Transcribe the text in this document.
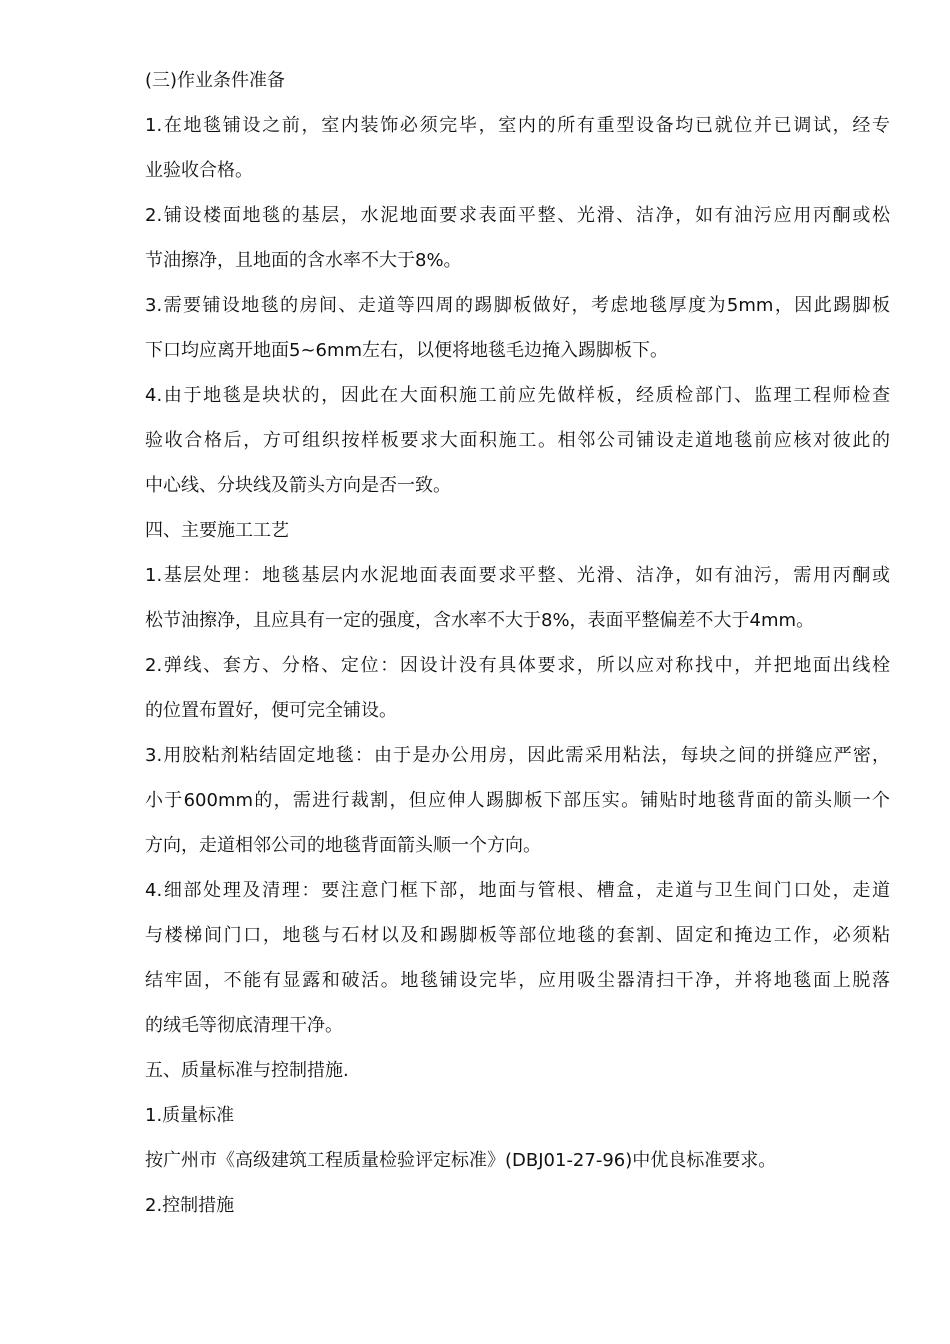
(三)作业条件准备
1.在地毯铺设之前，室内装饰必须完毕，室内的所有重型设备均已就位并已调试，经专
业验收合格。
2.铺设楼面地毯的基层，水泥地面要求表面平整、光滑、洁净，如有油污应用丙酮或松
节油擦净，且地面的含水率不大于8%。
3.需要铺设地毯的房间、走道等四周的踢脚板做好，考虑地毯厚度为5mm，因此踢脚板
下口均应离开地面5~6mm左右，以便将地毯毛边掩入踢脚板下。
4.由于地毯是块状的，因此在大面积施工前应先做样板，经质检部门、监理工程师检查
验收合格后，方可组织按样板要求大面积施工。相邻公司铺设走道地毯前应核对彼此的
中心线、分块线及箭头方向是否一致。
四、主要施工工艺
1.基层处理：地毯基层内水泥地面表面要求平整、光滑、洁净，如有油污，需用丙酮或
松节油擦净，且应具有一定的强度，含水率不大于8%，表面平整偏差不大于4mm。
2.弹线、套方、分格、定位：因设计没有具体要求，所以应对称找中，并把地面出线栓
的位置布置好，便可完全铺设。
3.用胶粘剂粘结固定地毯：由于是办公用房，因此需采用粘法，每块之间的拼缝应严密，
小于600mm的，需进行裁割，但应伸人踢脚板下部压实。铺贴时地毯背面的箭头顺一个
方向，走道相邻公司的地毯背面箭头顺一个方向。
4.细部处理及清理：要注意门框下部，地面与管根、槽盒，走道与卫生间门口处，走道
与楼梯间门口，地毯与石材以及和踢脚板等部位地毯的套割、固定和掩边工作，必须粘
结牢固，不能有显露和破活。地毯铺设完毕，应用吸尘器清扫干净，并将地毯面上脱落
的绒毛等彻底清理干净。
五、质量标准与控制措施.
1.质量标准
按广州市《高级建筑工程质量检验评定标准》(DBJ01-27-96)中优良标准要求。
2.控制措施
